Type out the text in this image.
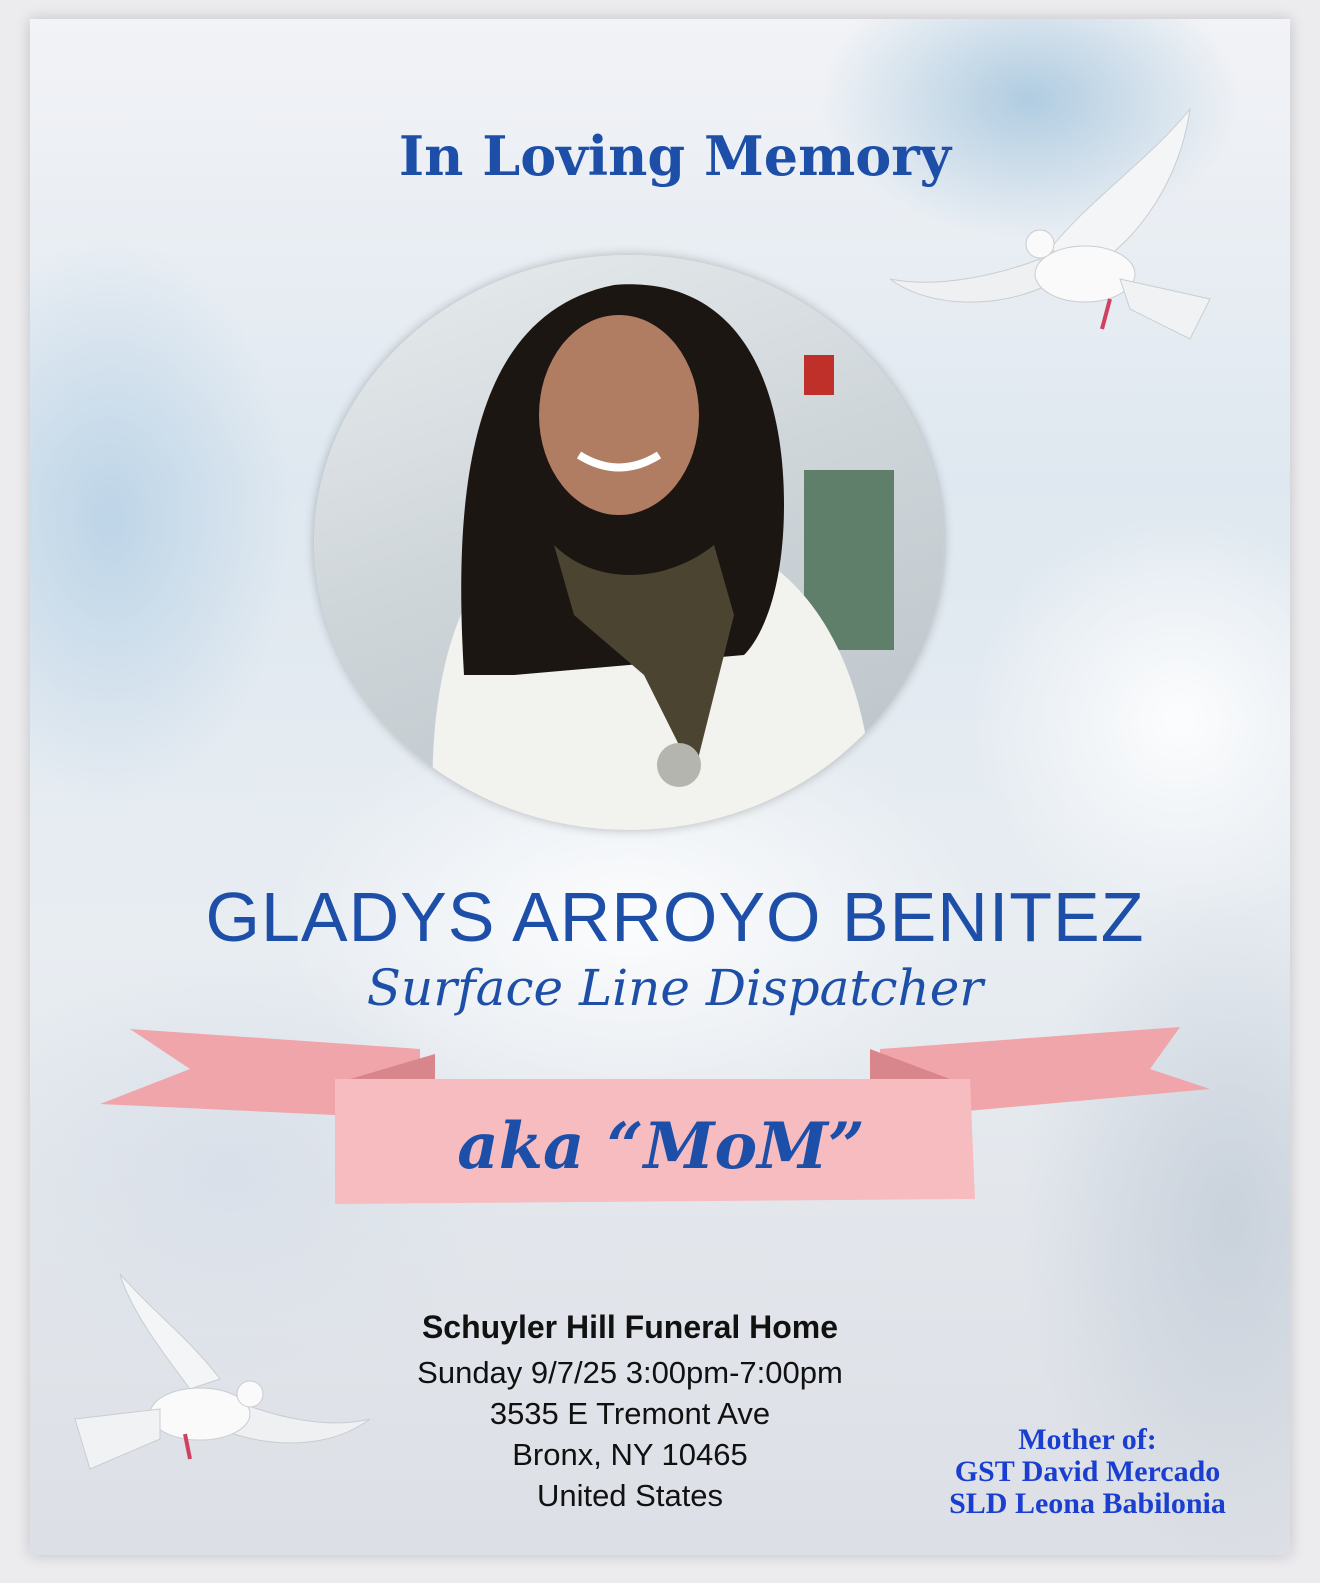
In Loving Memory
GLADYS ARROYO BENITEZ
Surface Line Dispatcher
aka “MoM”
Schuyler Hill Funeral Home
Sunday 9/7/25 3:00pm-7:00pm
3535 E Tremont Ave
Bronx, NY 10465
United States
Mother of:
GST David Mercado
SLD Leona Babilonia
